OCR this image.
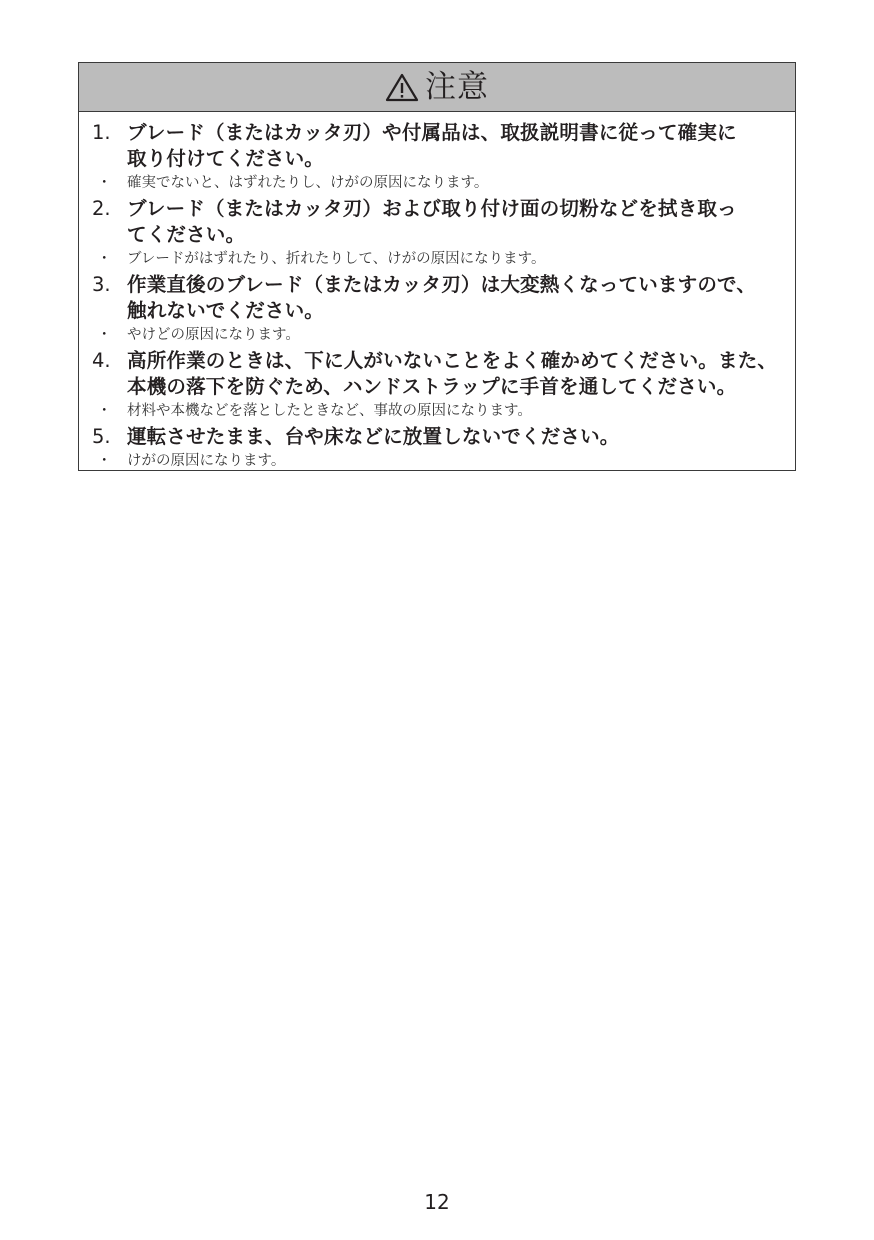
注意
1. ブレード（またはカッタ刃）や付属品は、取扱説明書に従って確実に
取り付けてください。
・	確実でないと、はずれたりし、けがの原因になります。
2. ブレード（またはカッタ刃）および取り付け面の切粉などを拭き取っ
てください。
・	ブレードがはずれたり、折れたりして、けがの原因になります。
3. 作業直後のブレード（またはカッタ刃）は大変熱くなっていますので、
触れないでください。
・	やけどの原因になります。
4. 高所作業のときは、下に人がいないことをよく確かめてください。また、
本機の落下を防ぐため、ハンドストラップに手首を通してください。
・	材料や本機などを落としたときなど、事故の原因になります。
5. 運転させたまま、台や床などに放置しないでください。
・	けがの原因になります。
12
